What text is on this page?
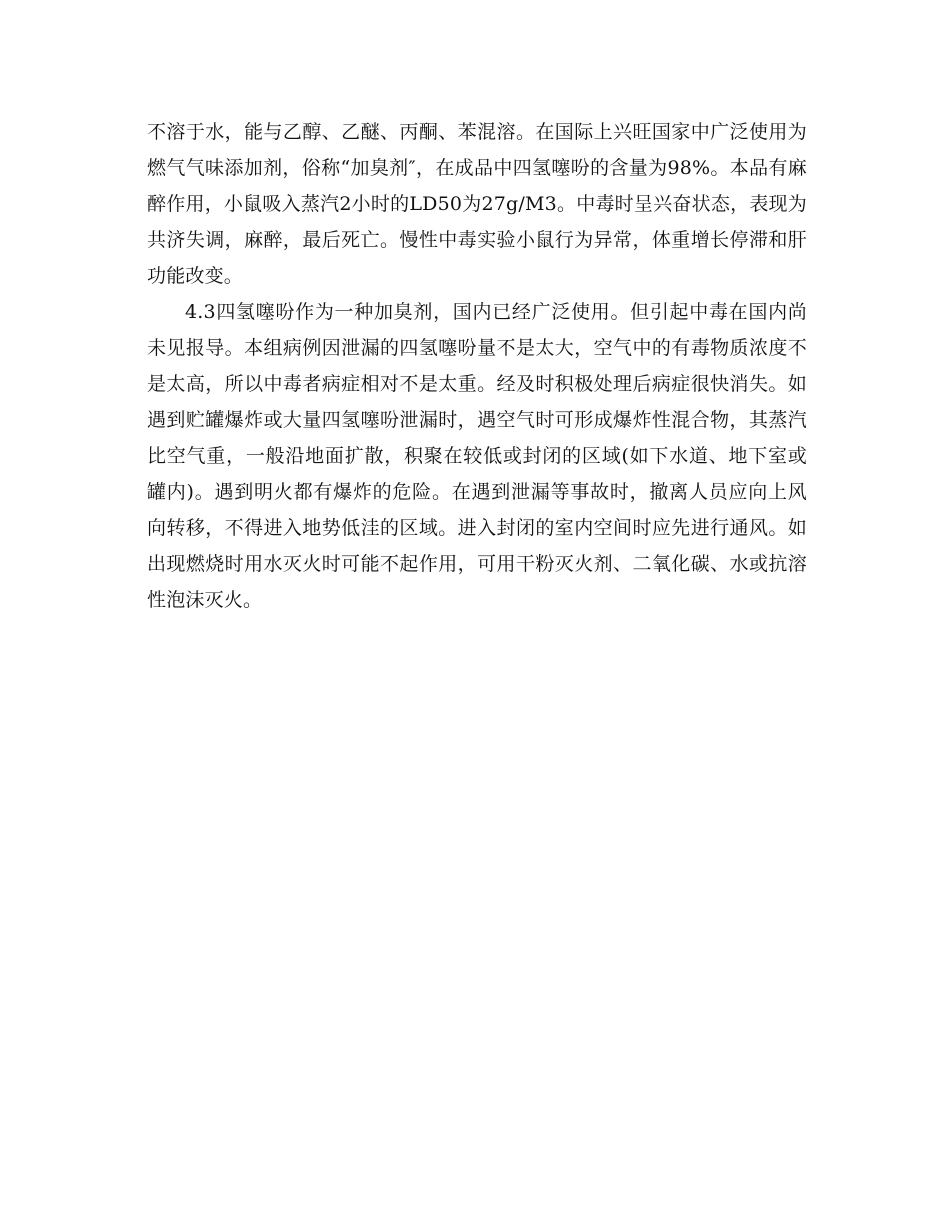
不溶于水，能与乙醇、乙醚、丙酮、苯混溶。在国际上兴旺国家中广泛使用为燃气气味添加剂，俗称“加臭剂″，在成品中四氢噻吩的含量为98%。本品有麻醉作用，小鼠吸入蒸汽2小时的LD50为27g/M3。中毒时呈兴奋状态，表现为共济失调，麻醉，最后死亡。慢性中毒实验小鼠行为异常，体重增长停滞和肝功能改变。

4.3四氢噻吩作为一种加臭剂，国内已经广泛使用。但引起中毒在国内尚未见报导。本组病例因泄漏的四氢噻吩量不是太大，空气中的有毒物质浓度不是太高，所以中毒者病症相对不是太重。经及时积极处理后病症很快消失。如遇到贮罐爆炸或大量四氢噻吩泄漏时，遇空气时可形成爆炸性混合物，其蒸汽比空气重，一般沿地面扩散，积聚在较低或封闭的区域(如下水道、地下室或罐内)。遇到明火都有爆炸的危险。在遇到泄漏等事故时，撤离人员应向上风向转移，不得进入地势低洼的区域。进入封闭的室内空间时应先进行通风。如出现燃烧时用水灭火时可能不起作用，可用干粉灭火剂、二氧化碳、水或抗溶性泡沫灭火。
